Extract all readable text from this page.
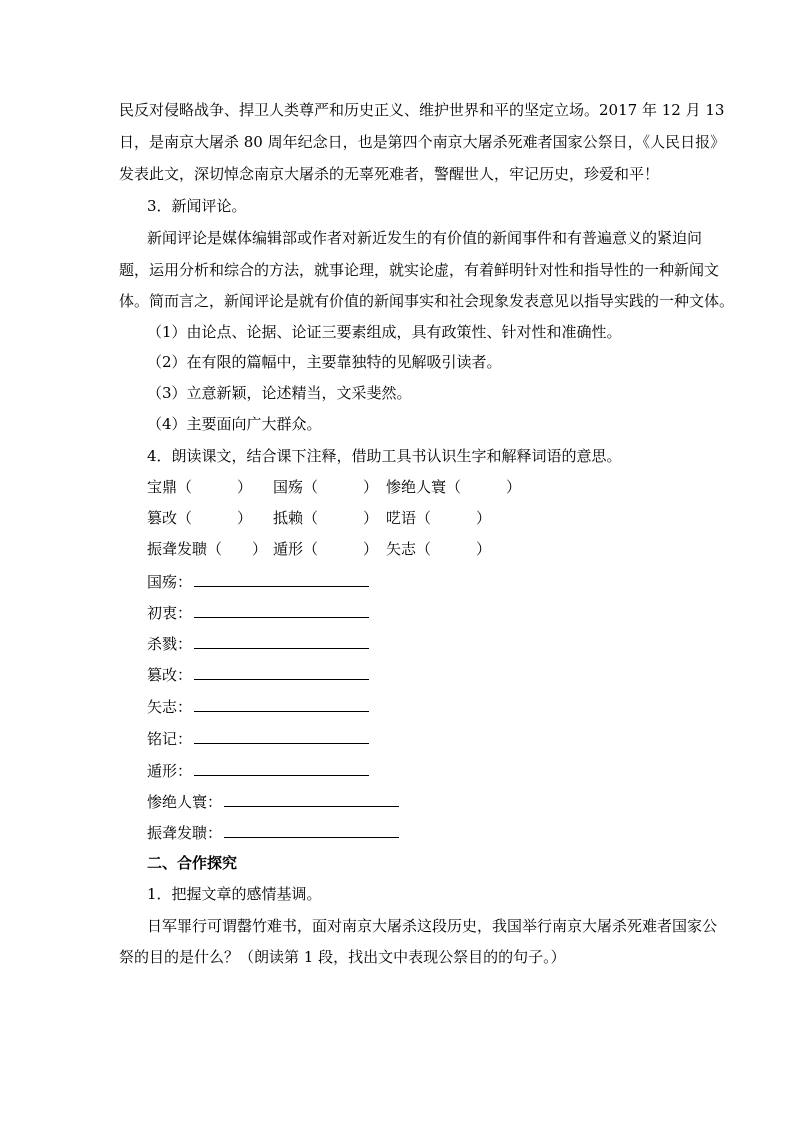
民反对侵略战争、捍卫人类尊严和历史正义、维护世界和平的坚定立场。2017 年 12 月 13
日，是南京大屠杀 80 周年纪念日，也是第四个南京大屠杀死难者国家公祭日，《人民日报》
发表此文，深切悼念南京大屠杀的无辜死难者，警醒世人，牢记历史，珍爱和平！
3．新闻评论。
新闻评论是媒体编辑部或作者对新近发生的有价值的新闻事件和有普遍意义的紧迫问
题，运用分析和综合的方法，就事论理，就实论虚，有着鲜明针对性和指导性的一种新闻文
体。简而言之，新闻评论是就有价值的新闻事实和社会现象发表意见以指导实践的一种文体。
（1）由论点、论据、论证三要素组成，具有政策性、针对性和准确性。
（2）在有限的篇幅中，主要靠独特的见解吸引读者。
（3）立意新颖，论述精当，文采斐然。
（4）主要面向广大群众。
4．朗读课文，结合课下注释，借助工具书认识生字和解释词语的意思。
宝鼎（　　　） 国殇（　　　） 惨绝人寰（　　　）
篡改（　　　） 抵赖（　　　） 呓语（　　　）
振聋发聩（　　） 遁形（　　　） 矢志（　　　）
国殇：
初衷：
杀戮：
篡改：
矢志：
铭记：
遁形：
惨绝人寰：
振聋发聩：
二、合作探究
1．把握文章的感情基调。
日军罪行可谓罄竹难书，面对南京大屠杀这段历史，我国举行南京大屠杀死难者国家公
祭的目的是什么？（朗读第 1 段，找出文中表现公祭目的的句子。）
